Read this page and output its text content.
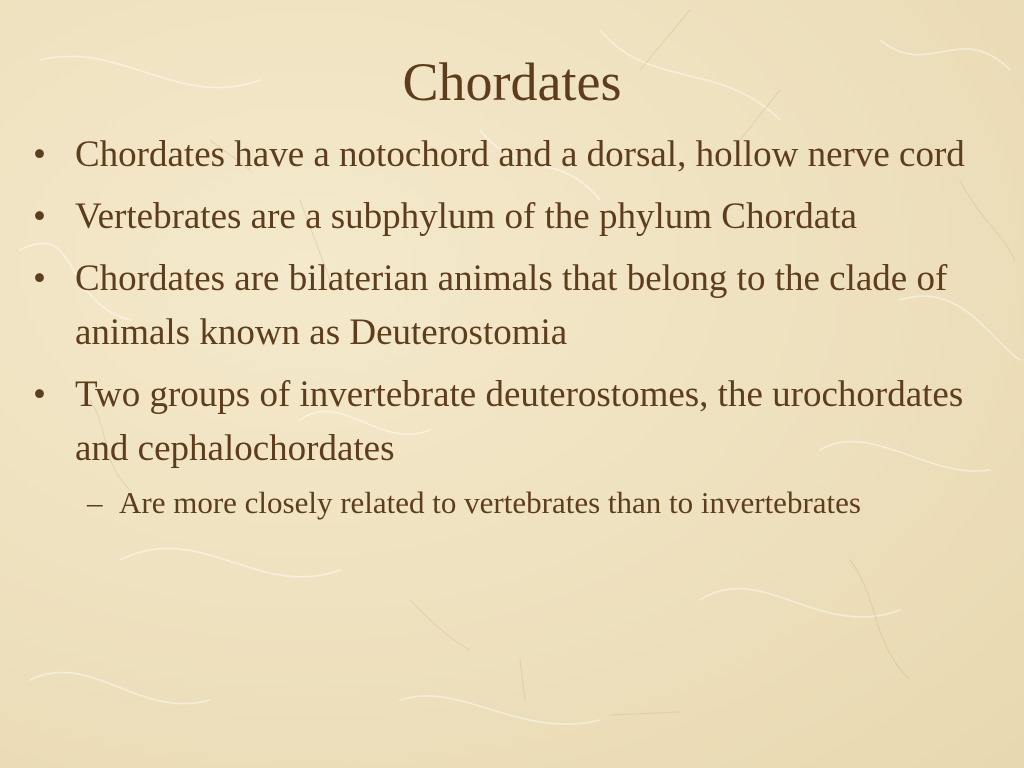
Chordates
• Chordates have a notochord and a dorsal, hollow nerve cord
• Vertebrates are a subphylum of the phylum Chordata
• Chordates are bilaterian animals that belong to the clade of animals known as Deuterostomia
• Two groups of invertebrate deuterostomes, the urochordates and cephalochordates
– Are more closely related to vertebrates than to invertebrates
